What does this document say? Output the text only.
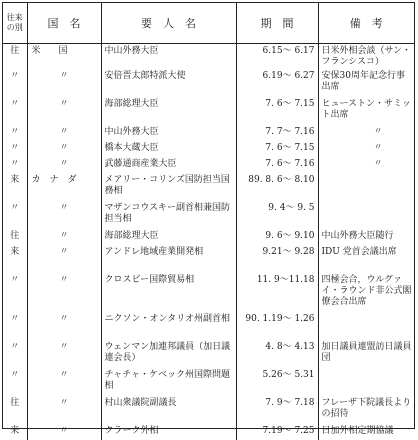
往来の別	国　名	要　人　名	期　間	備　考
往	米　　国	中山外務大臣	6.15～ 6.17	日米外相会談（サン・フランシスコ）
〃	〃	安倍晋太郎特派大使	6.19～ 6.27	安保30周年記念行事出席
〃	〃	海部総理大臣	7. 6～ 7.15	ヒューストン・サミット出席
〃	〃	中山外務大臣	7. 7～ 7.16	〃
〃	〃	橋本大蔵大臣	7. 6～ 7.15	〃
〃	〃	武藤通商産業大臣	7. 6～ 7.16	〃
来	カ　ナ　ダ	メアリー・コリンズ国防担当国務相	89. 8. 6～ 8.10	
〃	〃	マザンコウスキー副首相兼国防担当相	9. 4～ 9. 5	
往	〃	海部総理大臣	9. 6～ 9.10	中山外務大臣随行
来	〃	アンドレ地域産業開発相	9.21～ 9.28	IDU 党首会議出席
〃	〃	クロスビー国際貿易相	11. 9～11.18	四極会合，ウルグァイ・ラウンド非公式閣僚会合出席
〃	〃	ニクソン・オンタリオ州副首相	90. 1.19～ 1.26	
〃	〃	ウェンマン加連邦議員（加日議連会長）	4. 8～ 4.13	加日議員連盟訪日議員団
〃	〃	チャチャ・ケベック州国際問題相	5.26～ 5.31	
往	〃	村山衆議院副議長	7. 9～ 7.18	フレーザ下院議長よりの招待
来	〃	クラーク外相	7.19～ 7.25	日加外相定期協議
